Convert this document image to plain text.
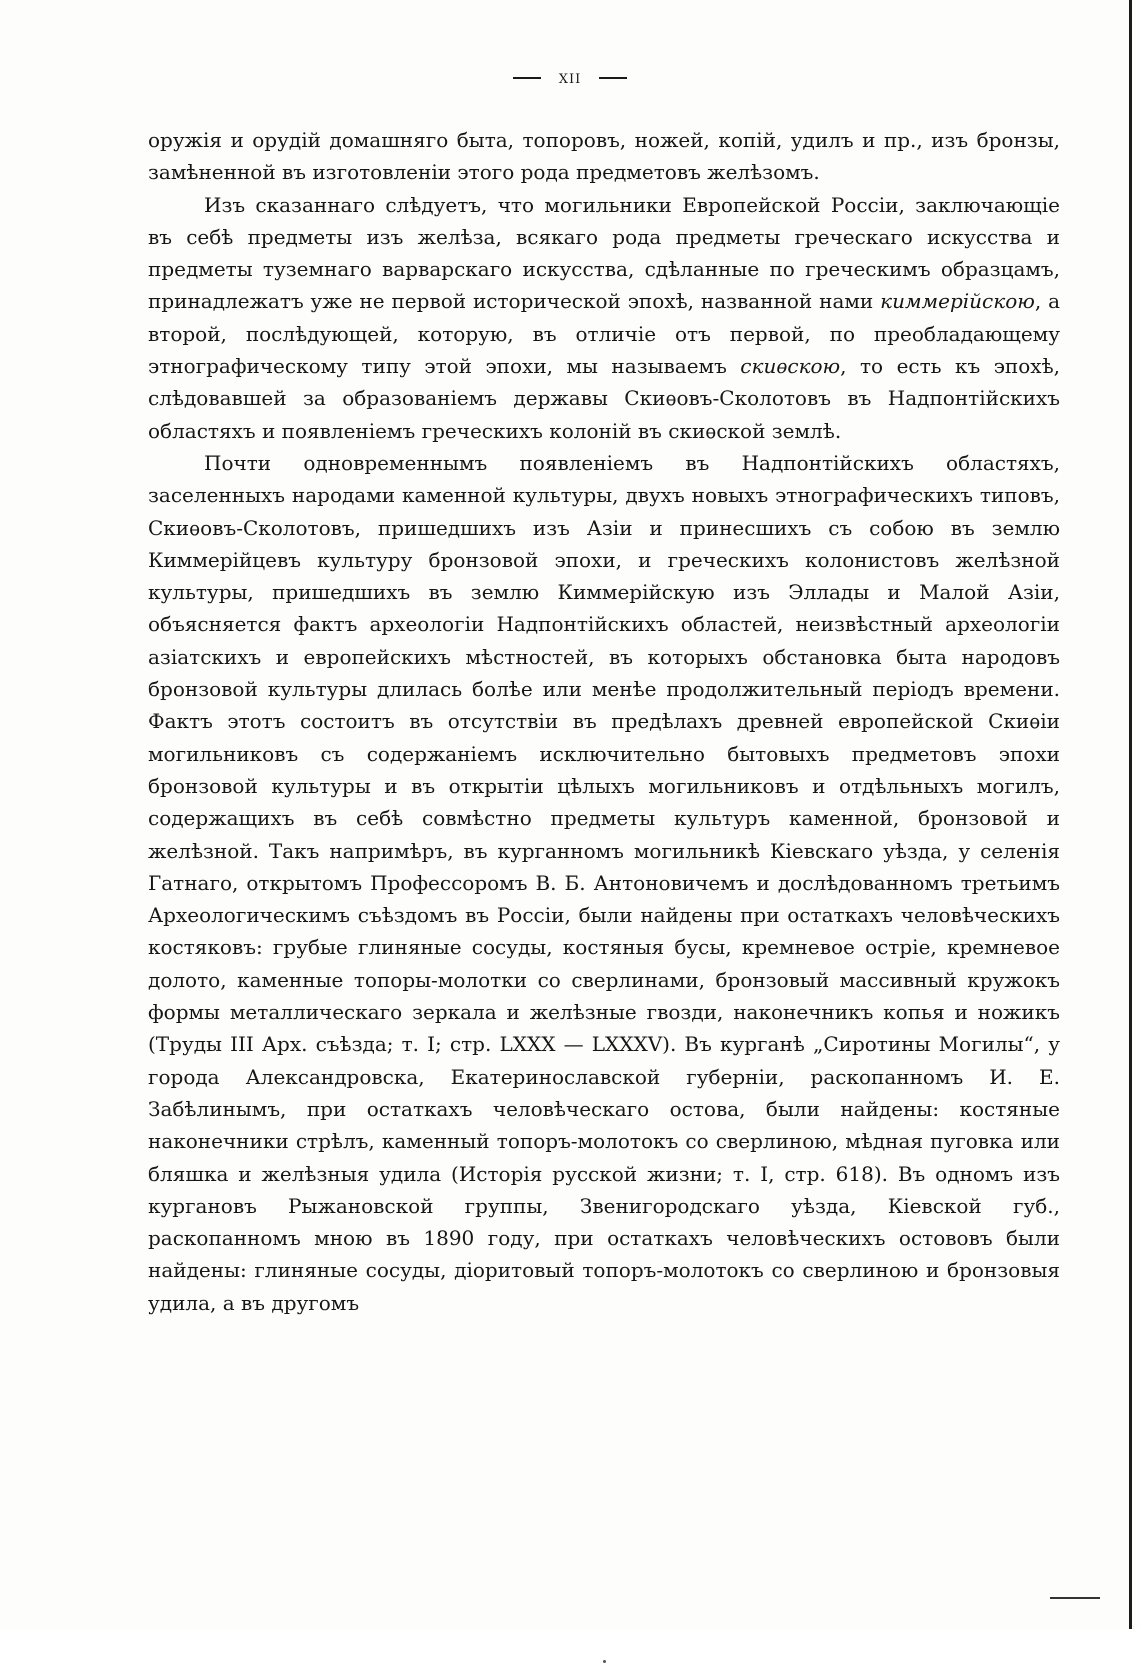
xii

оружія и орудій домашняго быта, топоровъ, ножей, копій, удилъ и пр., изъ бронзы, замѣненной въ изготовленіи этого рода предметовъ желѣзомъ.

Изъ сказаннаго слѣдуетъ, что могильники Европейской Россіи, заключающіе въ себѣ предметы изъ желѣза, всякаго рода предметы греческаго искусства и предметы туземнаго варварскаго искусства, сдѣланные по греческимъ образцамъ, принадлежатъ уже не первой исторической эпохѣ, названной нами киммерійскою, а второй, послѣдующей, которую, въ отличіе отъ первой, по преобладающему этнографическому типу этой эпохи, мы называемъ скиѳскою, то есть къ эпохѣ, слѣдовавшей за образованіемъ державы Скиѳовъ-Сколотовъ въ Надпонтійскихъ областяхъ и появленіемъ греческихъ колоній въ скиѳской землѣ.

Почти одновременнымъ появленіемъ въ Надпонтійскихъ областяхъ, заселенныхъ народами каменной культуры, двухъ новыхъ этнографическихъ типовъ, Скиѳовъ-Сколотовъ, пришедшихъ изъ Азіи и принесшихъ съ собою въ землю Киммерійцевъ культуру бронзовой эпохи, и греческихъ колонистовъ желѣзной культуры, пришедшихъ въ землю Киммерійскую изъ Эллады и Малой Азіи, объясняется фактъ археологіи Надпонтійскихъ областей, неизвѣстный археологіи азіатскихъ и европейскихъ мѣстностей, въ которыхъ обстановка быта народовъ бронзовой культуры длилась болѣе или менѣе продолжительный періодъ времени. Фактъ этотъ состоитъ въ отсутствіи въ предѣлахъ древней европейской Скиѳіи могильниковъ съ содержаніемъ исключительно бытовыхъ предметовъ эпохи бронзовой культуры и въ открытіи цѣлыхъ могильниковъ и отдѣльныхъ могилъ, содержащихъ въ себѣ совмѣстно предметы культуръ каменной, бронзовой и желѣзной. Такъ напримѣръ, въ курганномъ могильникѣ Кіевскаго уѣзда, у селенія Гатнаго, открытомъ Профессоромъ В. Б. Антоновичемъ и дослѣдованномъ третьимъ Археологическимъ съѣздомъ въ Россіи, были найдены при остаткахъ человѣческихъ костяковъ: грубые глиняные сосуды, костяныя бусы, кремневое остріе, кремневое долото, каменные топоры-молотки со сверлинами, бронзовый массивный кружокъ формы металлическаго зеркала и желѣзные гвозди, наконечникъ копья и ножикъ (Труды III Арх. съѣзда; т. I; стр. LXXX — LXXXV). Въ курганѣ „Сиротины Могилы“, у города Александровска, Екатеринославской губерніи, раскопанномъ И. Е. Забѣлинымъ, при остаткахъ человѣческаго остова, были найдены: костяные наконечники стрѣлъ, каменный топоръ-молотокъ со сверлиною, мѣдная пуговка или бляшка и желѣзныя удила (Исторія русской жизни; т. I, стр. 618). Въ одномъ изъ кургановъ Рыжановской группы, Звенигородскаго уѣзда, Кіевской губ., раскопанномъ мною въ 1890 году, при остаткахъ человѣческихъ остововъ были найдены: глиняные сосуды, діоритовый топоръ-молотокъ со сверлиною и бронзовыя удила, а въ другомъ
